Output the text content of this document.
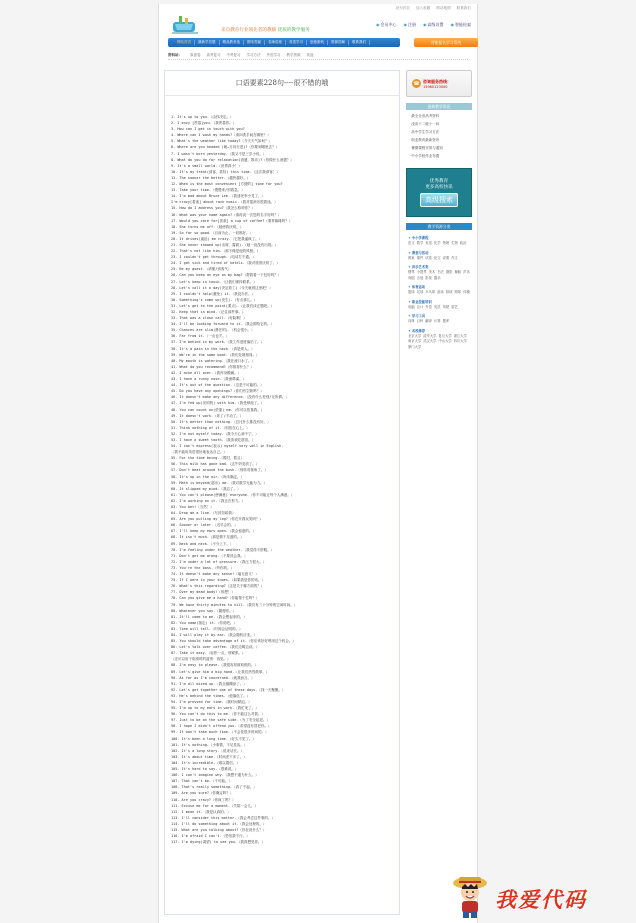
设为首页 加入收藏 网站地图 联系我们
来自教育行业领先者的教辅 优质的教学服务
◉ 会员中心	◉ 注册	◉ 高级设置	◉ 智能检索
网站首页	最新学员感	精品教务选	期末答疑	名师讲座	英语学习	创意游戏	资源讲解	联系我们	智能报名学习系统
资料站： 原创卷 高考复习 中考复习 学习方法 外语学习 教学资源 其他
口语要素228句----很不错的哦
1. It's up to you.（由你决定。）
2. I envy [羡慕]you.（我羡慕你。）
3. How can I get in touch with you?
4. Where can I wash my hands?（请问洗手间在哪里？）
5. What's the weather like today?（今天天气如何？）
6. Where are you headed (朝…方向行进)?（你要到哪里去？）
7. I wasn't born yesterday.（我又不是三岁小孩。）
8. What do you do for relaxation(消遣，娱乐)?（你做什么消遣？）
9. It's a small world.（世界真小！）
10. It's my treat(请客，款待) this time.（这次我请客！）
11. The sooner the better.（越快越好。）
12. When is the most convenient [方便的] time for you?
13. Take your time.（慢慢来/别着急。）
14. I'm mad about Bruce Lee.（我迷死李小龙了。）
I'm crazy[着迷] about rock music.（我对摇滚乐很着迷。）
15. How do I address you?（我怎么称呼你？）
16. What was your name again?（请再说一次您的名字好吗？）
17. Would you care for[喜欢] a cup of coffee?（要杯咖啡吗？）
18. She turns me off.（她使我厌烦。）
19. So far so good.（目前为止，一切都好。）
20. It drives(逼迫) me crazy.（它把我逼疯了。）
21. She never showed up(出席，露面).（她一直没有出现。）
22. That's not like him.（那不像是他的风格。）
23. I couldn't get through.（电话打不通。）
24. I got sick and tired of hotels.（我对旅馆厌烦了。）
25. Be my guest.（请便/别客气）
26. Can you keep an eye on my bag?（帮我看一下包好吗？）
27. Let's keep in touch.（让我们保持联系。）
28. Let's call it a day(决定收工)（今天就到这里吧！）
29. I couldn't help(避免) it.（我没办法。）
30. Something's come up(发生).（有点事儿。）
31. Let's get to the point(要点).（让我们谈正题吧。）
32. Keep that in mind.（记住那件事。）
33. That was a close call.（好险啊！）
34. I'll be looking forward to it.（我会期待它的。）
35. Chances are slim(渺茫的).（机会很小。）
36. Far from it.（一点也不。）
37. I'm behind in my work.（我工作进度落后了。）
38. It's a pain in the neck.（真是烦人。）
39. We're in the same boat.（我们处境相同。）
40. My mouth is watering.（我在流口水了。）
41. What do you recommend?（你推荐什么？）
42. I ache all over.（我浑身酸痛。）
43. I have a runny nose.（我流鼻涕。）
44. It's out of the question.（这是不可能的。）
45. Do you have any openings?（你们有空缺吗？）
46. It doesn't make any difference.（没有什么差别/无所谓。）
47. I'm fed up(厌烦的) with him.（我受够他了。）
48. You can count on(依靠) me.（你可以依靠我。）
49. It doesn't work.（坏了/不动了。）
50. It's better than nothing.（总比什么都没有好。）
51. Think nothing of it.（别放在心上。）
52. I'm not myself today.（我今天心神不宁。）
53. I have a sweet tooth.（我喜欢吃甜食。）
54. I can't express(表示) myself very well in English.
（我不能用英语很好地表达自己。）
55. For the time being.（暂时，暂且）
56. This milk has gone bad.（这牛奶变质了。）
57. Don't beat around the bush.（别转弯抹角了。）
58. It's up in the air.（尚未确定。）
59. Math is beyond(超出) me.（我对数学无能为力。）
60. It slipped my mind.（我忘了。）
61. You can't please(使满意) everyone.（你不可能让每个人满意。）
62. I'm working on it.（我正在努力。）
63. You bet!（当然！）
64. Drop me a line.（写封信给我）
65. Are you pulling my leg?（你在开我玩笑吗？）
66. Sooner or later.（迟早会的。）
67. I'll keep my ears open.（我会留意的。）
68. It isn't much.（那是微不足道的。）
69. Neck and neck.（不分上下。）
70. I'm feeling under the weather.（我觉得不舒服。）
71. Don't get me wrong.（不要误会我。）
72. I'm under a lot of pressure.（我压力很大。）
73. You're the boss.（听你的。）
74. It doesn't make any sense!（毫无意义！）
75. If I were in your shoes.（如果我是你的话。）
76. What's this regarding?（这是关于哪方面的？）
77. Over my dead body!（休想！）
78. Can you give me a hand?（你能帮个忙吗？）
79. We have thirty minutes to kill.（我们有三十分钟的空闲时间。）
80. Whatever you say.（随便你。）
81. It'll come to me.（我会想起来的。）
82. You name(指定) it.（你说吧。）
83. Time will tell.（时间会证明的。）
84. I will play it by ear.（我会随机应变。）
85. You should take advantage of it.（你应该好好利用这个机会。）
86. Let's talk over coffee.（我们边喝边谈。）
87. Take it easy.（轻松一点，别紧张。）
（还可以用于临别时的道别：再见。）
88. I'm easy to please.（我很容易被取悦的。）
89. Let's give him a big hand.（让我们热烈鼓掌。）
90. As far as I'm concerned.（就我而言。）
91. I'm all mixed up.（我全搞糊涂了。）
92. Let's get together one of these days.（找一天聚聚。）
93. He's behind the times.（他落伍了。）
94. I'm pressed for time.（我时间紧迫。）
95. I'm up to my ears in work.（我忙死了。）
96. You can't do this to me.（你不能这么对我。）
97. Just to be on the safe side.（为了安全起见。）
98. I hope I didn't offend you.（希望没有冒犯你。）
99. It won't take much time.（不会花很多时间的。）
100. It's been a long time.（好久不见了。）
101. It's nothing.（小事情，不足挂齿。）
102. It's a long story.（说来话长。）
103. It's about time.（时间差不多了。）
104. It's incredible.（难以置信。）
105. It's hard to say.（很难说。）
106. I can't imagine why.（我想不通为什么。）
107. That can't be.（不可能。）
108. That's really something.（真了不起。）
109. Are you sure?（你确定吗？）
110. Are you crazy?（你疯了吗？）
111. Excuse me for a moment.（失陪一会儿。）
112. I mean it.（我是认真的。）
113. I'll consider this matter.（我会考虑这件事的。）
114. I'll do something about it.（我会处理的。）
115. What are you talking about?（你在说什么？）
116. I'm afraid I can't.（恐怕我不行。）
117. I'm dying(渴望) to see you.（我真想见你。）
☎ 咨询服务热线：
15960123000
最新教学资讯
· 最全全省高考资料
· 浅谈十二级十一问
· 高中学生学习方法
· 职业教育最新资讯
· 暑期课程安排与通知
· 中小学校作业布置
优秀教育
更多高校快讯
高级搜索
教学资源分类
✦ 中小学课程
语文 数学 英语 化学 物理 生物 政治
✦ 课堂与活动
教案 课件 试卷 论文 说课 作文
✦ 音乐艺术类
钢琴 小提琴 美术 书法 摄影 舞蹈 声乐 戏剧 吉他 影视 器乐
✦ 体育运动
篮球 足球 乒乓球 游泳 排球 网球 体操
✦ 职业技能培训
电脑 会计 外语 英语 驾驶 厨艺
✦ 学习工具
词典 百科 翻译 计算 题库
✦ 名校推荐
北京大学 清华大学 复旦大学 浙江大学 南京大学 武汉大学 中山大学 四川大学 厦门大学
我爱代码
